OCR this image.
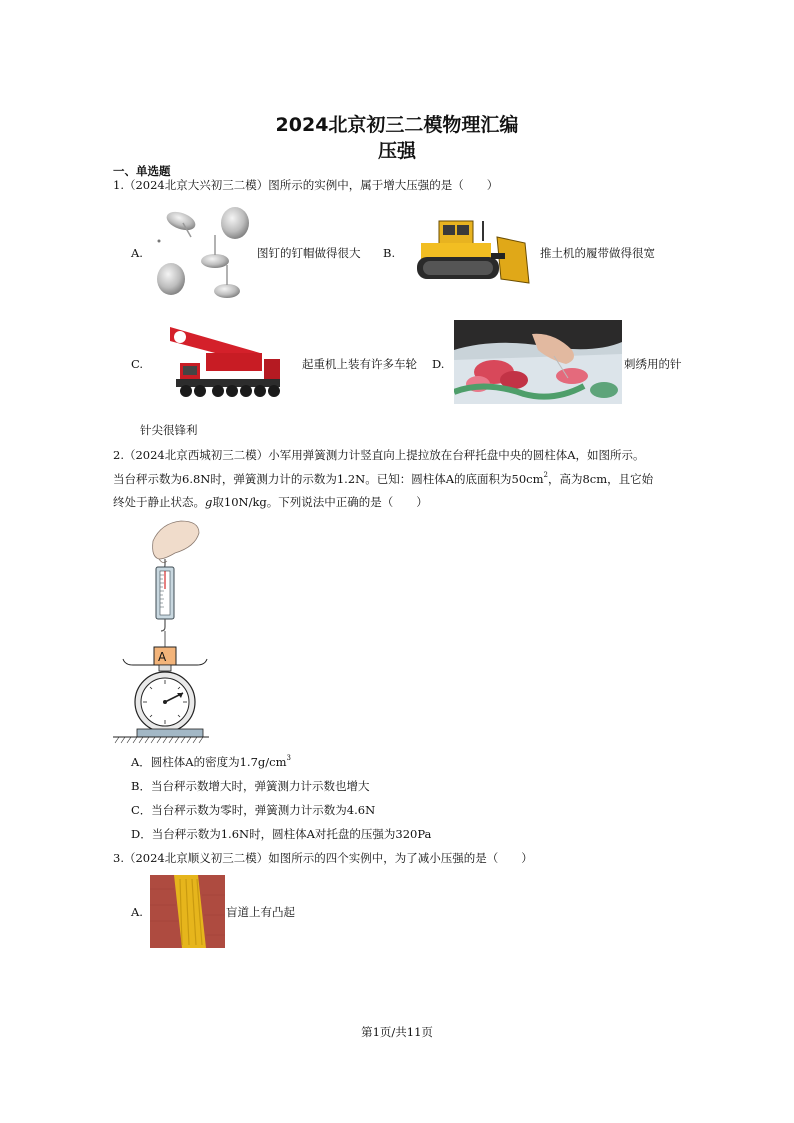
2024北京初三二模物理汇编
压强
一、单选题
1.（2024北京大兴初三二模）图所示的实例中，属于增大压强的是（　　）
A.	图钉的钉帽做得很大 B.	推土机的履带做得很宽
C.	起重机上装有许多车轮 D.	刺绣用的针
针尖很锋利
2.（2024北京西城初三二模）小军用弹簧测力计竖直向上提拉放在台秤托盘中央的圆柱体A，如图所示。
当台秤示数为6.8N时，弹簧测力计的示数为1.2N。已知：圆柱体A的底面积为$50cm^2$，高为8cm，且它始
终处于静止状态。g取10N/kg。下列说法中正确的是（　　）
A
A．圆柱体A的密度为$1.7g/cm^3$
B．当台秤示数增大时，弹簧测力计示数也增大
C．当台秤示数为零时，弹簧测力计示数为4.6N
D．当台秤示数为1.6N时，圆柱体A对托盘的压强为320Pa
3.（2024北京顺义初三二模）如图所示的四个实例中，为了减小压强的是（　　）
A.	盲道上有凸起
第1页/共11页
